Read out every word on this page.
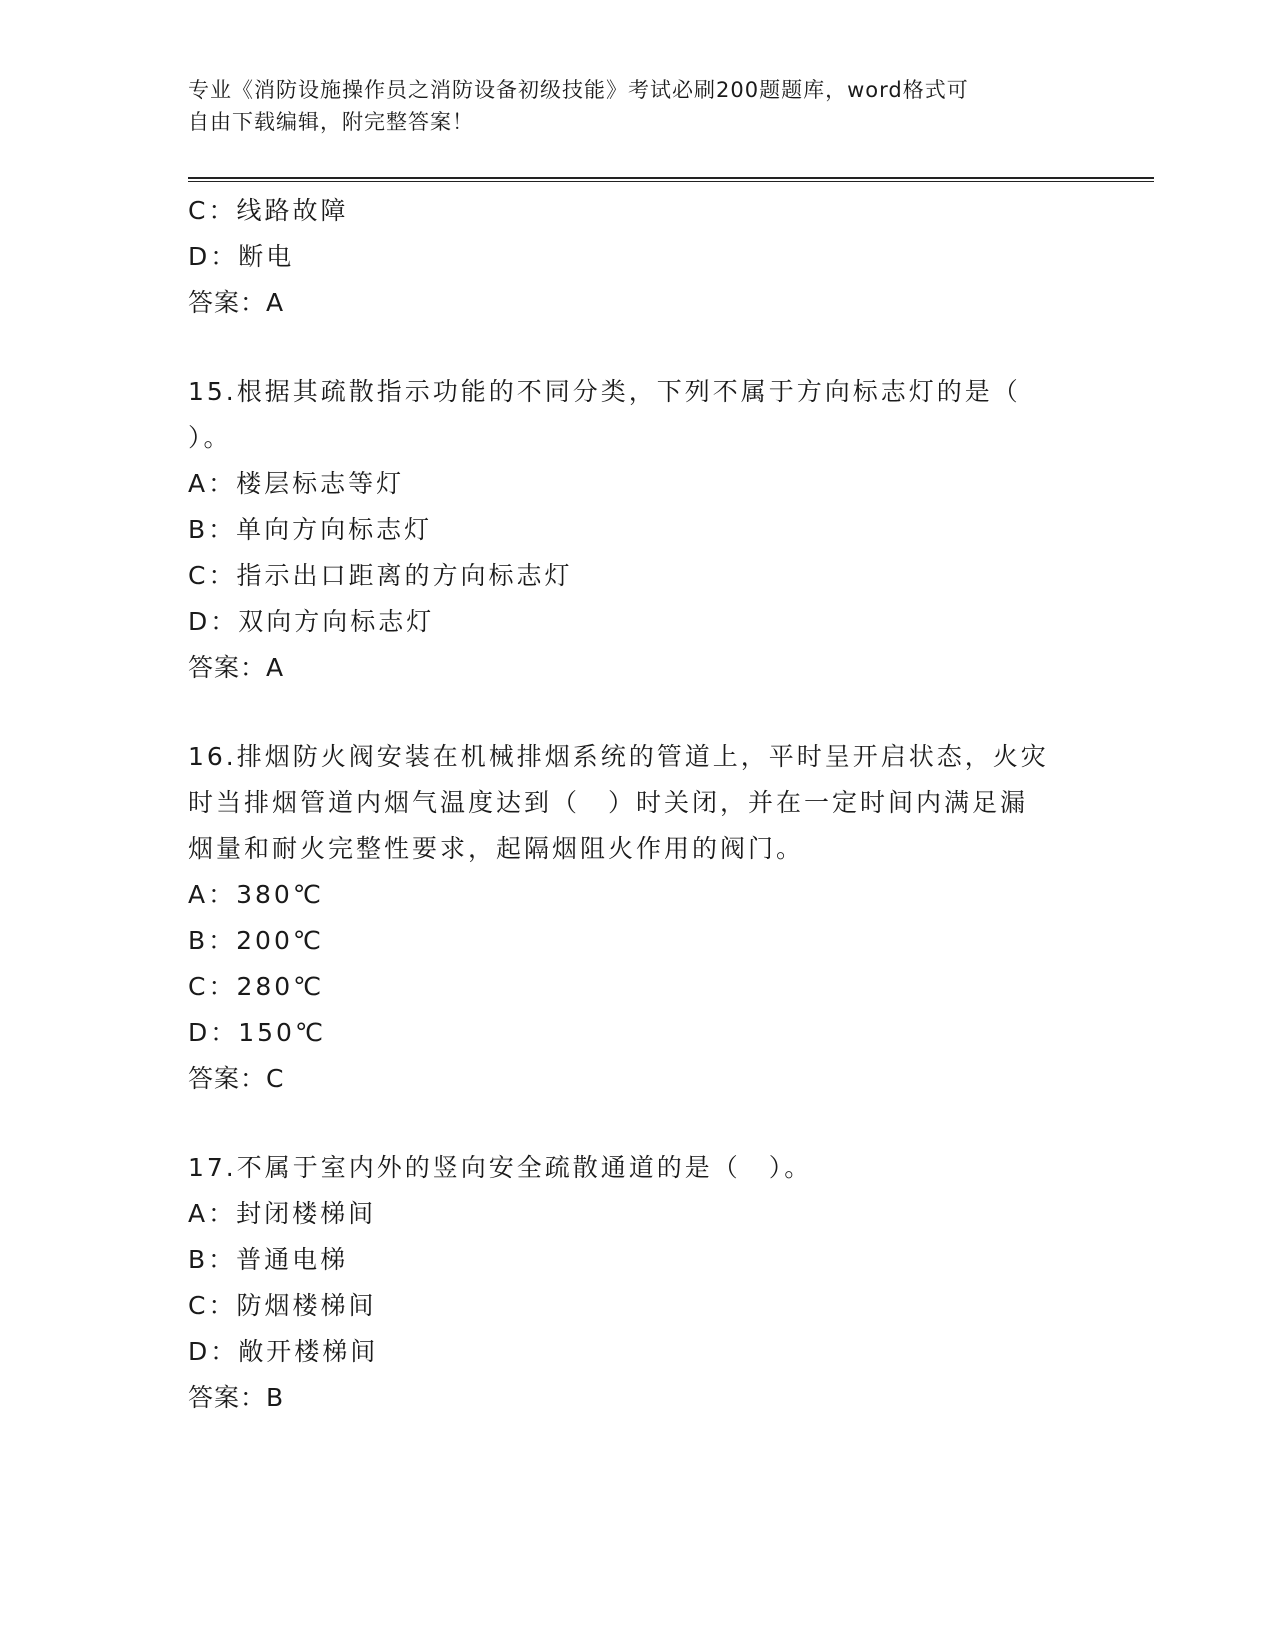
专业《消防设施操作员之消防设备初级技能》考试必刷200题题库，word格式可
自由下载编辑，附完整答案！
C：线路故障
D：断电
答案：A
15.根据其疏散指示功能的不同分类，下列不属于方向标志灯的是（
）。
A：楼层标志等灯
B：单向方向标志灯
C：指示出口距离的方向标志灯
D：双向方向标志灯
答案：A
16.排烟防火阀安装在机械排烟系统的管道上，平时呈开启状态，火灾
时当排烟管道内烟气温度达到（　）时关闭，并在一定时间内满足漏
烟量和耐火完整性要求，起隔烟阻火作用的阀门。
A：380℃
B：200℃
C：280℃
D：150℃
答案：C
17.不属于室内外的竖向安全疏散通道的是（　）。
A：封闭楼梯间
B：普通电梯
C：防烟楼梯间
D：敞开楼梯间
答案：B
